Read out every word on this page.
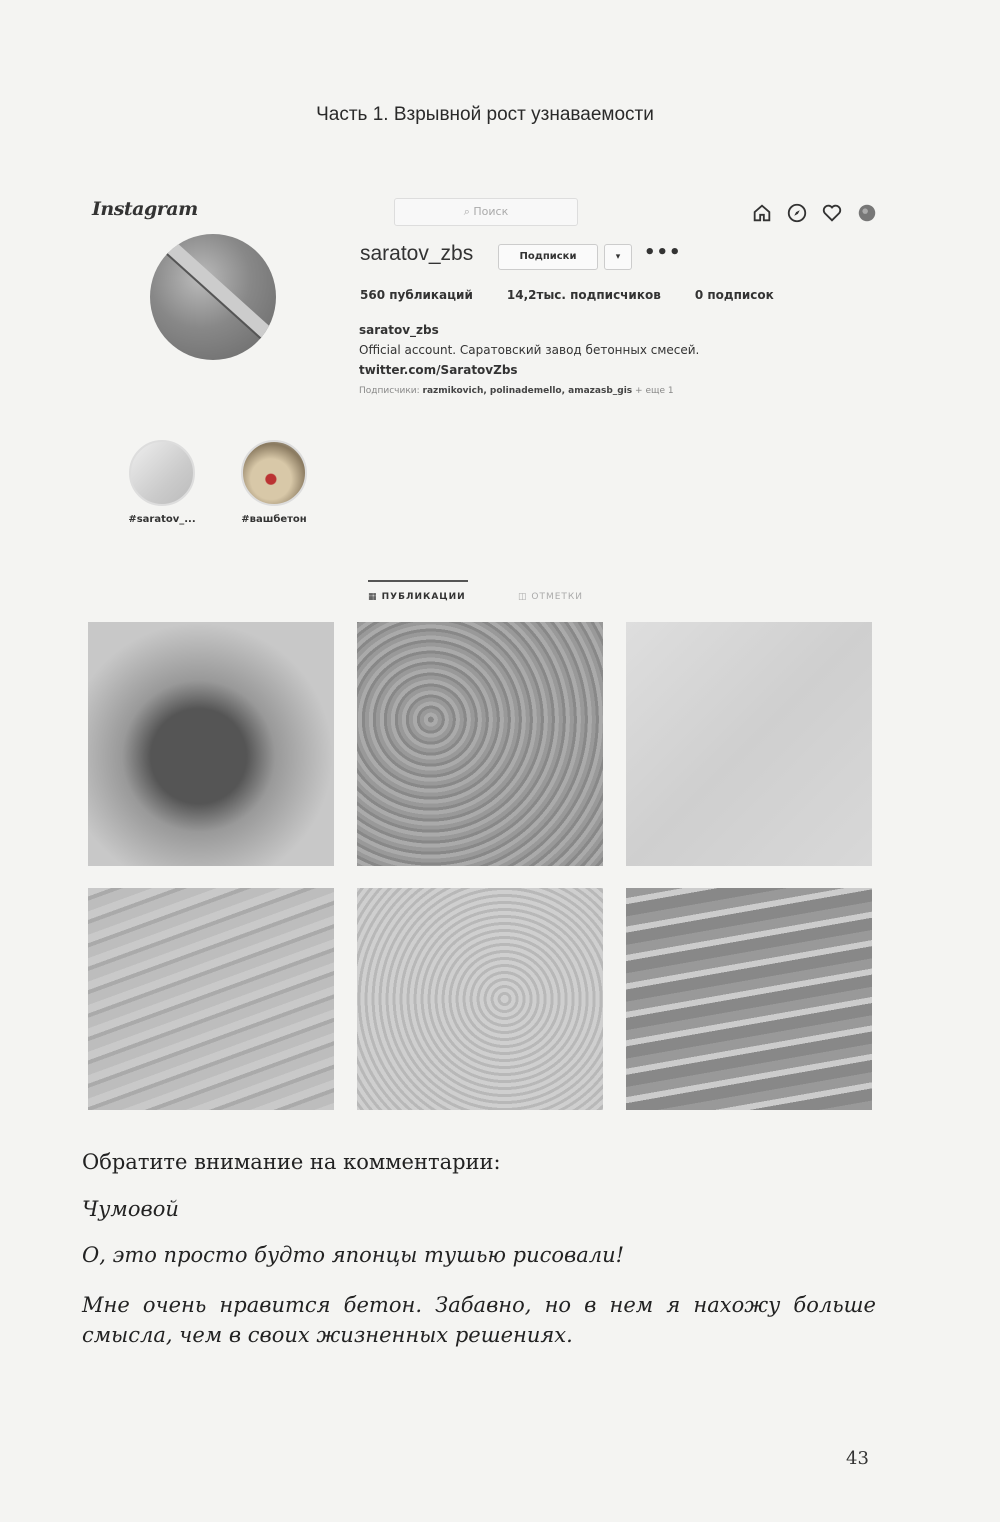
Часть 1. Взрывной рост узнаваемости
Instagram	⌕ Поиск
saratov_zbs	Подписки	▾	•••
560 публикаций	14,2тыс. подписчиков	0 подписок
saratov_zbs
Official account. Саратовский завод бетонных смесей.
twitter.com/SaratovZbs
Подписчики: razmikovich, polinademello, amazasb_gis + еще 1
#saratov_...	#вашбетон
▦ ПУБЛИКАЦИИ	◫ ОТМЕТКИ
Обратите внимание на комментарии:
Чумовой
О, это просто будто японцы тушью рисовали!
Мне очень нравится бетон. Забавно, но в нем я нахожу больше смысла, чем в своих жизненных решениях.
43
